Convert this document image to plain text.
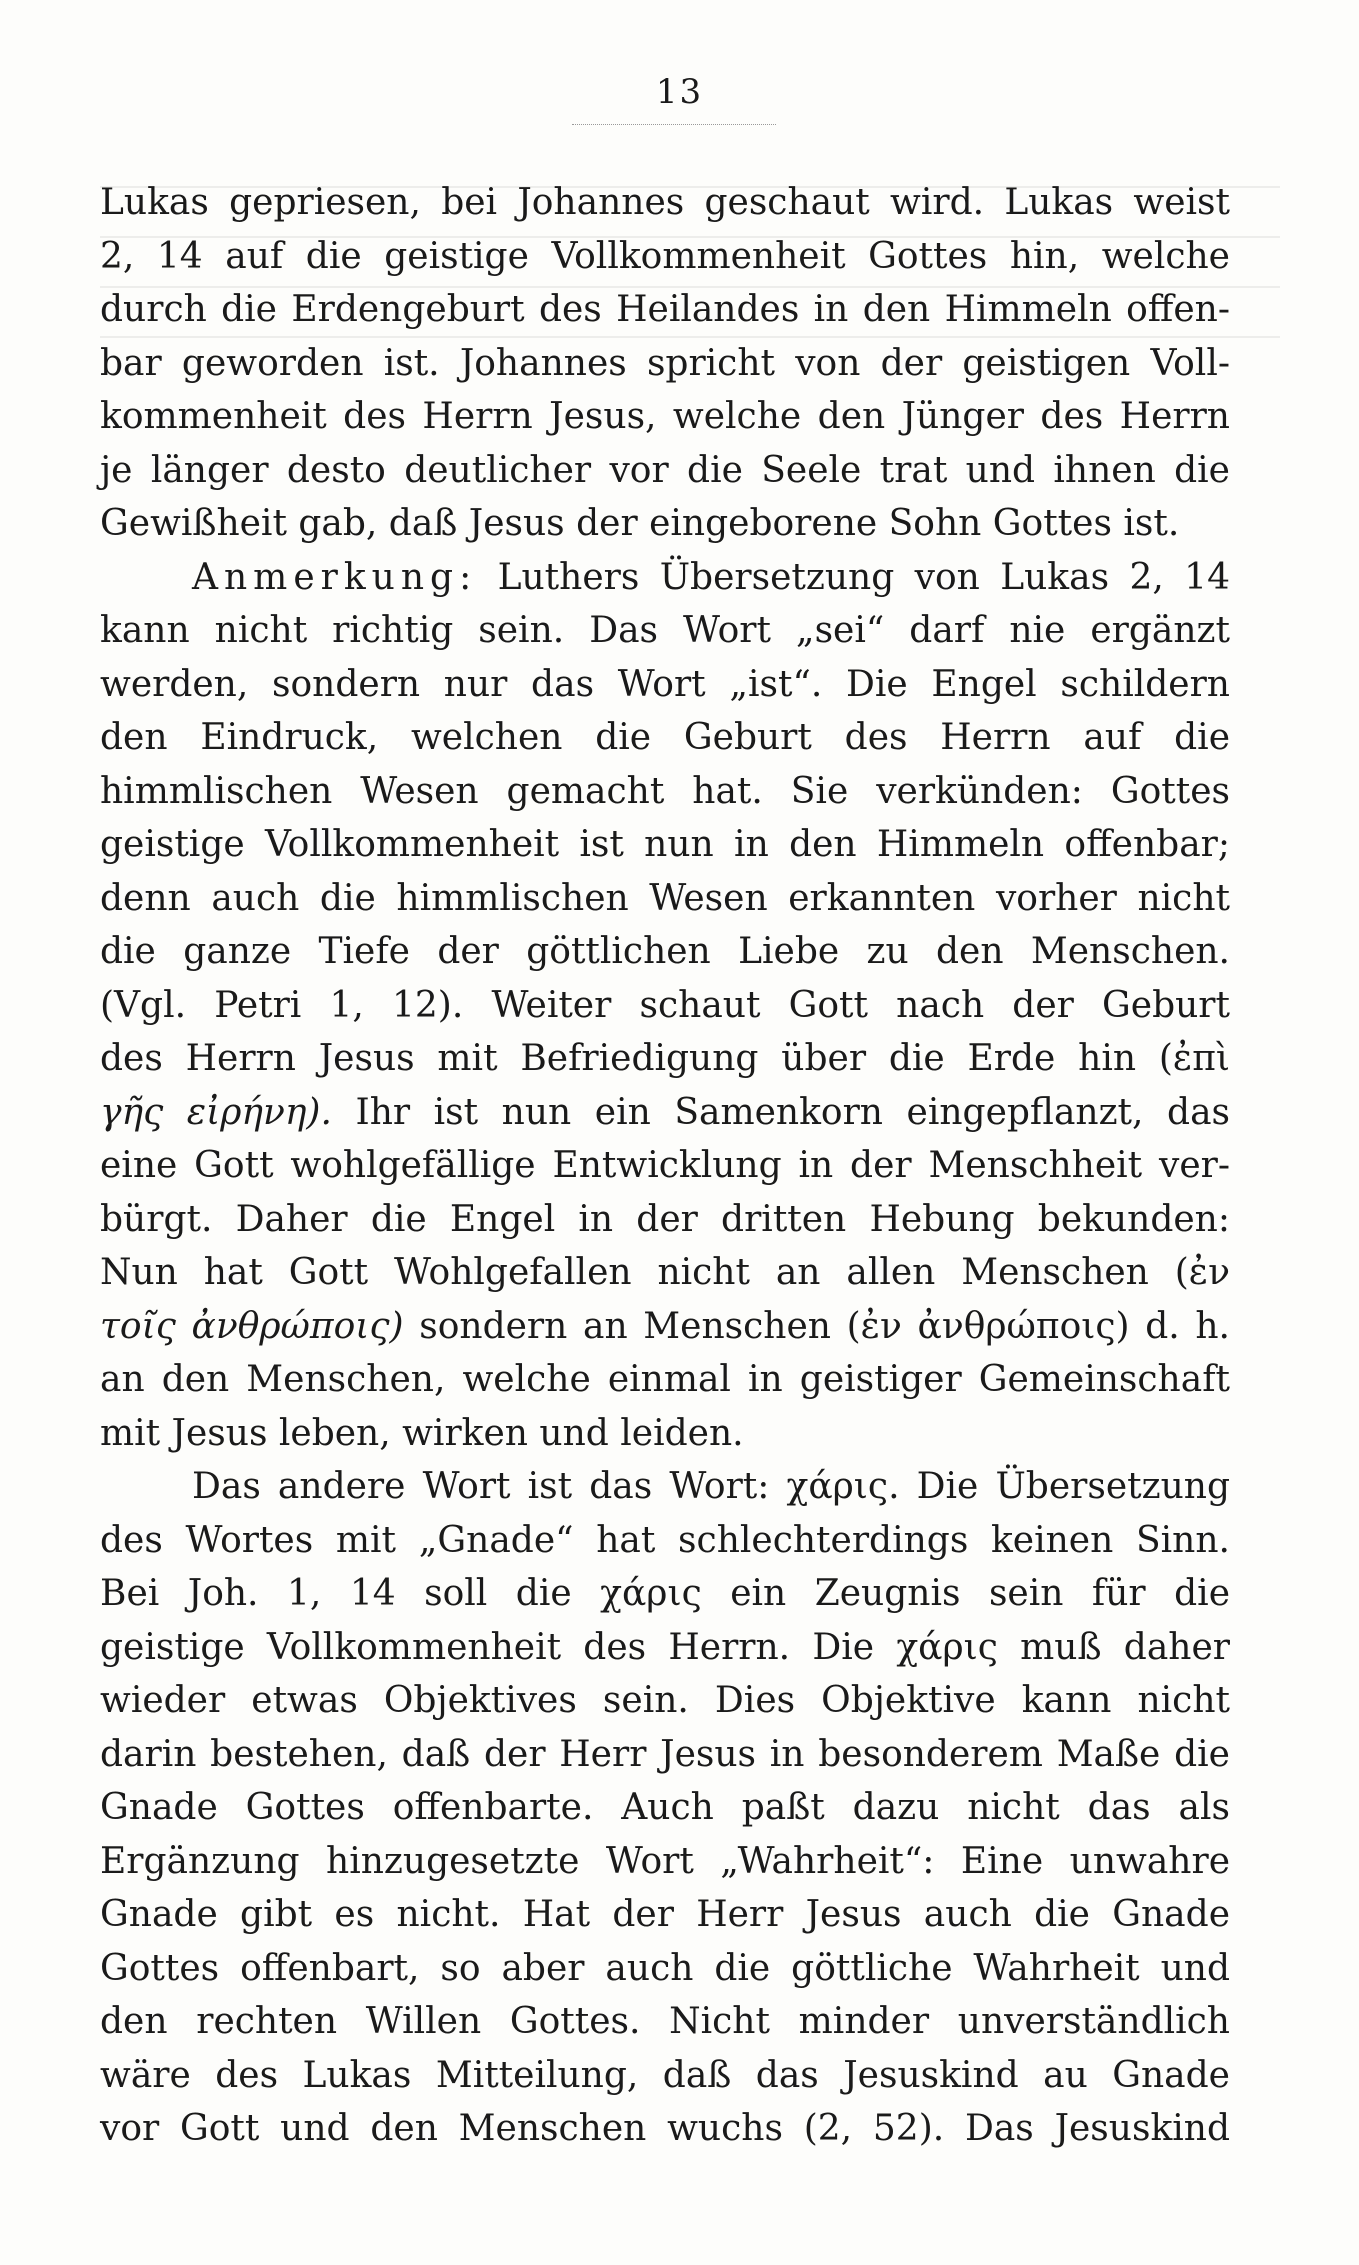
13
Lukas gepriesen, bei Johannes geschaut wird. Lukas weist
2, 14 auf die geistige Vollkommenheit Gottes hin, welche
durch die Erdengeburt des Heilandes in den Himmeln offen-
bar geworden ist. Johannes spricht von der geistigen Voll-
kommenheit des Herrn Jesus, welche den Jünger des Herrn
je länger desto deutlicher vor die Seele trat und ihnen die
Gewißheit gab, daß Jesus der eingeborene Sohn Gottes ist.
Anmerkung: Luthers Übersetzung von Lukas 2, 14
kann nicht richtig sein. Das Wort „sei“ darf nie ergänzt
werden, sondern nur das Wort „ist“. Die Engel schildern
den Eindruck, welchen die Geburt des Herrn auf die
himmlischen Wesen gemacht hat. Sie verkünden: Gottes
geistige Vollkommenheit ist nun in den Himmeln offenbar;
denn auch die himmlischen Wesen erkannten vorher nicht
die ganze Tiefe der göttlichen Liebe zu den Menschen.
(Vgl. Petri 1, 12). Weiter schaut Gott nach der Geburt
des Herrn Jesus mit Befriedigung über die Erde hin (ἐπὶ
γῆς εἰρήνη). Ihr ist nun ein Samenkorn eingepflanzt, das
eine Gott wohlgefällige Entwicklung in der Menschheit ver-
bürgt. Daher die Engel in der dritten Hebung bekunden:
Nun hat Gott Wohlgefallen nicht an allen Menschen (ἐν
τοῖς ἀνθρώποις) sondern an Menschen (ἐν ἀνθρώποις) d. h.
an den Menschen, welche einmal in geistiger Gemeinschaft
mit Jesus leben, wirken und leiden.
Das andere Wort ist das Wort: χάρις. Die Übersetzung
des Wortes mit „Gnade“ hat schlechterdings keinen Sinn.
Bei Joh. 1, 14 soll die χάρις ein Zeugnis sein für die
geistige Vollkommenheit des Herrn. Die χάρις muß daher
wieder etwas Objektives sein. Dies Objektive kann nicht
darin bestehen, daß der Herr Jesus in besonderem Maße die
Gnade Gottes offenbarte. Auch paßt dazu nicht das als
Ergänzung hinzugesetzte Wort „Wahrheit“: Eine unwahre
Gnade gibt es nicht. Hat der Herr Jesus auch die Gnade
Gottes offenbart, so aber auch die göttliche Wahrheit und
den rechten Willen Gottes. Nicht minder unverständlich
wäre des Lukas Mitteilung, daß das Jesuskind au Gnade
vor Gott und den Menschen wuchs (2, 52). Das Jesuskind
